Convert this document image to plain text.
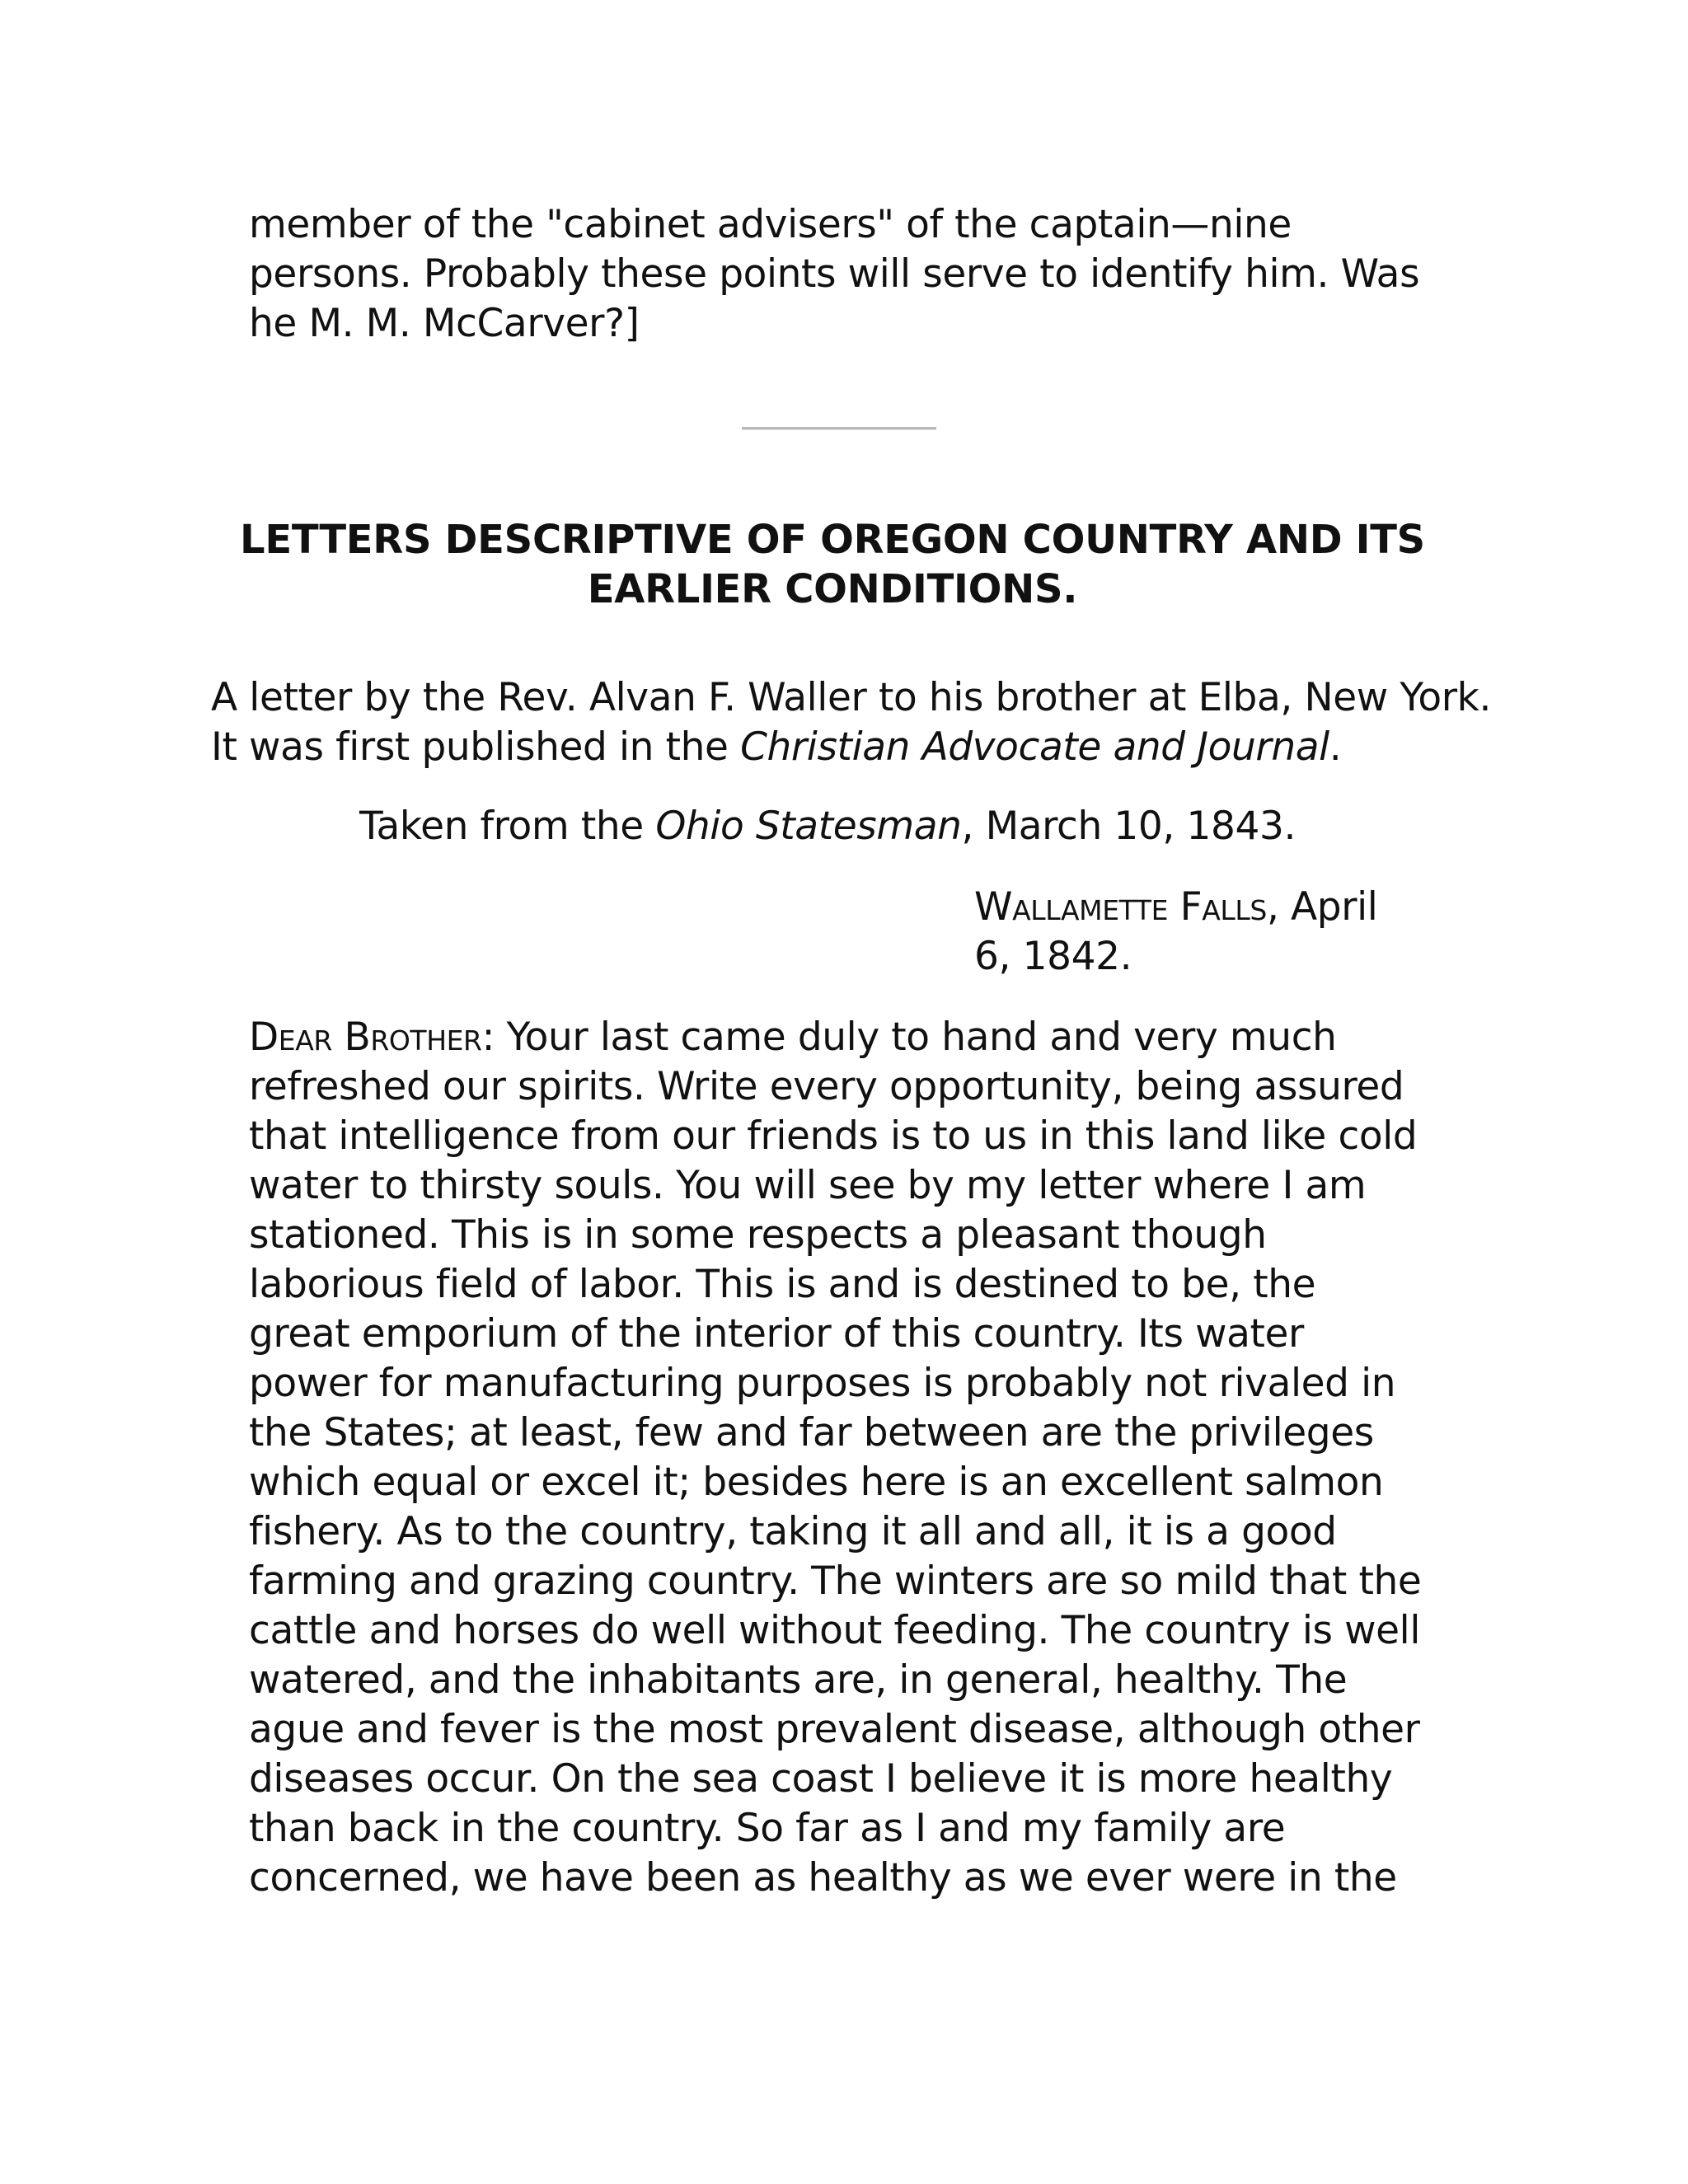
member of the "cabinet advisers" of the captain—nine
persons. Probably these points will serve to identify him. Was
he M. M. McCarver?]
LETTERS DESCRIPTIVE OF OREGON COUNTRY AND ITS
EARLIER CONDITIONS.
A letter by the Rev. Alvan F. Waller to his brother at Elba, New York.
It was first published in the Christian Advocate and Journal.
Taken from the Ohio Statesman, March 10, 1843.
Wallamette Falls, April
6, 1842.
Dear Brother: Your last came duly to hand and very much
refreshed our spirits. Write every opportunity, being assured
that intelligence from our friends is to us in this land like cold
water to thirsty souls. You will see by my letter where I am
stationed. This is in some respects a pleasant though
laborious field of labor. This is and is destined to be, the
great emporium of the interior of this country. Its water
power for manufacturing purposes is probably not rivaled in
the States; at least, few and far between are the privileges
which equal or excel it; besides here is an excellent salmon
fishery. As to the country, taking it all and all, it is a good
farming and grazing country. The winters are so mild that the
cattle and horses do well without feeding. The country is well
watered, and the inhabitants are, in general, healthy. The
ague and fever is the most prevalent disease, although other
diseases occur. On the sea coast I believe it is more healthy
than back in the country. So far as I and my family are
concerned, we have been as healthy as we ever were in the
